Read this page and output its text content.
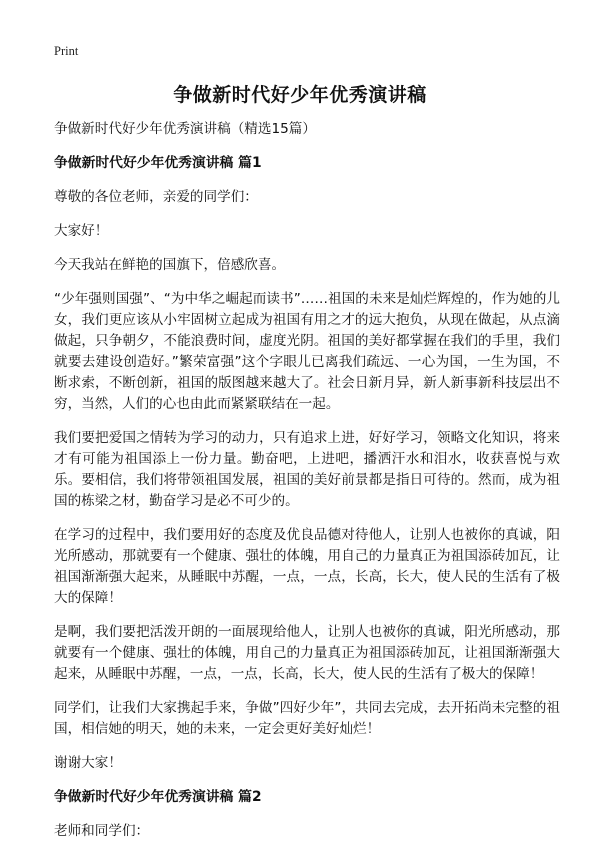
Print
争做新时代好少年优秀演讲稿
争做新时代好少年优秀演讲稿（精选15篇）
争做新时代好少年优秀演讲稿 篇1

尊敬的各位老师，亲爱的同学们：

大家好！

今天我站在鲜艳的国旗下，倍感欣喜。

“少年强则国强”、“为中华之崛起而读书”……祖国的未来是灿烂辉煌的，作为她的儿女，我们更应该从小牢固树立起成为祖国有用之才的远大抱负，从现在做起，从点滴做起，只争朝夕，不能浪费时间，虚度光阴。祖国的美好都掌握在我们的手里，我们就要去建设创造好。”繁荣富强”这个字眼儿已离我们疏远、一心为国，一生为国，不断求索，不断创新，祖国的版图越来越大了。社会日新月异，新人新事新科技层出不穷，当然，人们的心也由此而紧紧联结在一起。

我们要把爱国之情转为学习的动力，只有追求上进，好好学习，领略文化知识，将来才有可能为祖国添上一份力量。勤奋吧，上进吧，播洒汗水和泪水，收获喜悦与欢乐。要相信，我们将带领祖国发展，祖国的美好前景都是指日可待的。然而，成为祖国的栋梁之材，勤奋学习是必不可少的。

在学习的过程中，我们要用好的态度及优良品德对待他人，让别人也被你的真诚，阳光所感动，那就要有一个健康、强壮的体魄，用自己的力量真正为祖国添砖加瓦，让祖国渐渐强大起来，从睡眠中苏醒，一点，一点，长高，长大，使人民的生活有了极大的保障！

是啊，我们要把活泼开朗的一面展现给他人，让别人也被你的真诚，阳光所感动，那就要有一个健康、强壮的体魄，用自己的力量真正为祖国添砖加瓦，让祖国渐渐强大起来，从睡眠中苏醒，一点，一点，长高，长大，使人民的生活有了极大的保障！

同学们，让我们大家携起手来，争做”四好少年”，共同去完成，去开拓尚未完整的祖国，相信她的明天，她的未来，一定会更好美好灿烂！

谢谢大家！

争做新时代好少年优秀演讲稿 篇2

老师和同学们：
